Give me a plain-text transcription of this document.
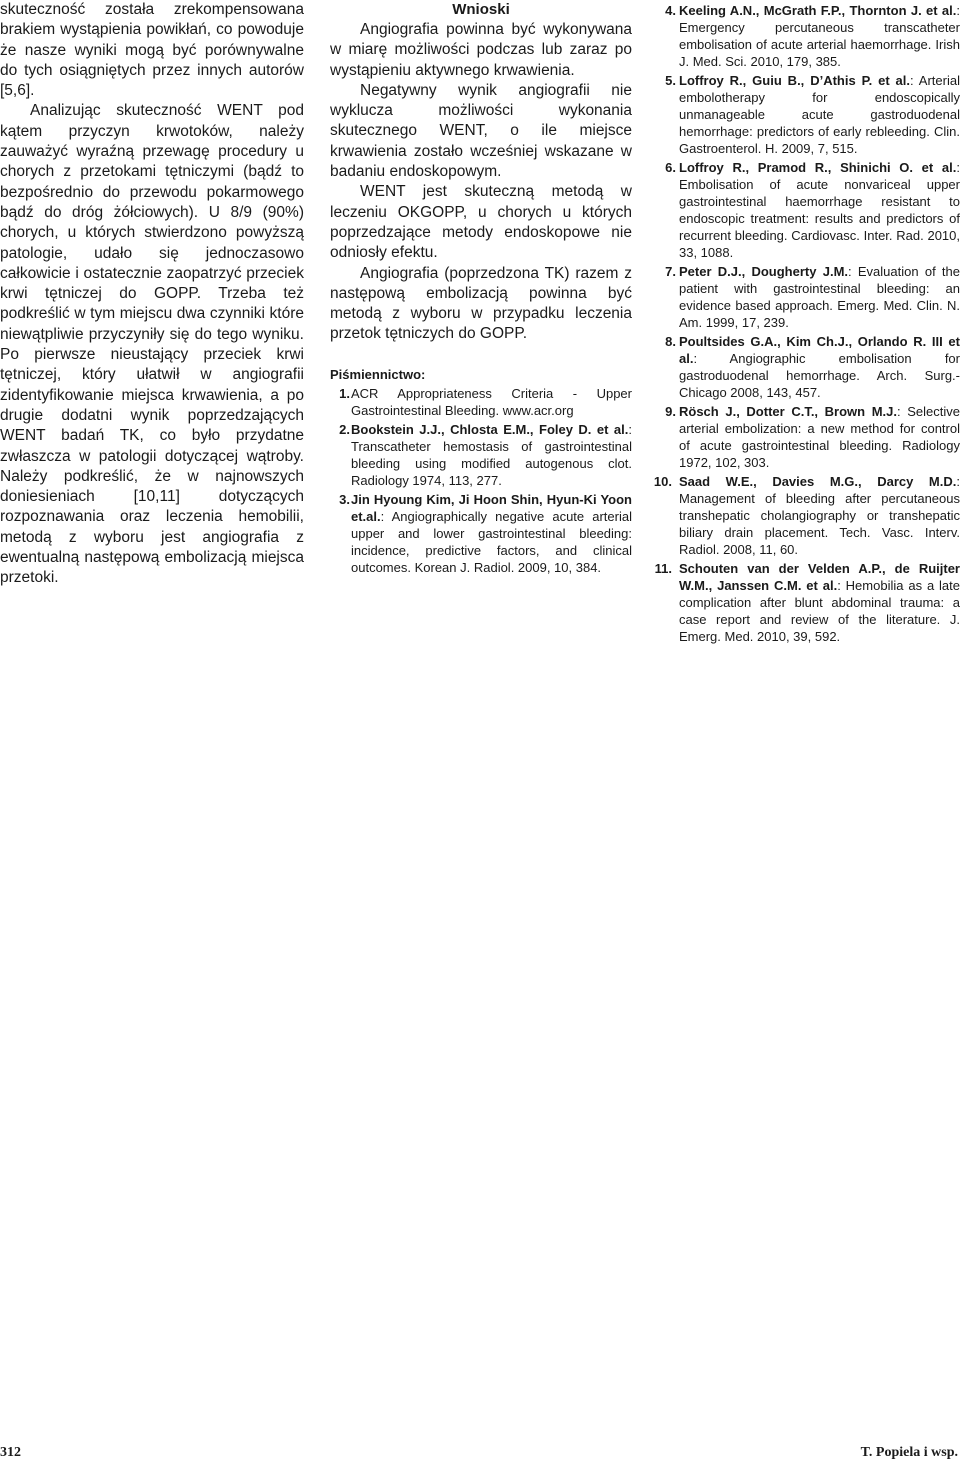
skuteczność została zrekompensowana brakiem wystąpienia powikłań, co powoduje że nasze wyniki mogą być porównywalne do tych osiągniętych przez innych autorów [5,6].

Analizując skuteczność WENT pod kątem przyczyn krwotoków, należy zauważyć wyraźną przewagę procedury u chorych z przetokami tętniczymi (bądź to bezpośrednio do przewodu pokarmowego bądź do dróg żółciowych). U 8/9 (90%) chorych, u których stwierdzono powyższą patologie, udało się jednoczasowo całkowicie i ostatecznie zaopatrzyć przeciek krwi tętniczej do GOPP. Trzeba też podkreślić w tym miejscu dwa czynniki które niewątpliwie przyczyniły się do tego wyniku. Po pierwsze nieustający przeciek krwi tętniczej, który ułatwił w angiografii zidentyfikowanie miejsca krwawienia, a po drugie dodatni wynik poprzedzających WENT badań TK, co było przydatne zwłaszcza w patologii dotyczącej wątroby. Należy podkreślić, że w najnowszych doniesieniach [10,11] dotyczących rozpoznawania oraz leczenia hemobilii, metodą z wyboru jest angiografia z ewentualną następową embolizacją miejsca przetoki.

Wnioski

Angiografia powinna być wykonywana w miarę możliwości podczas lub zaraz po wystąpieniu aktywnego krwawienia.

Negatywny wynik angiografii nie wyklucza możliwości wykonania skutecznego WENT, o ile miejsce krwawienia zostało wcześniej wskazane w badaniu endoskopowym.

WENT jest skuteczną metodą w leczeniu OKGOPP, u chorych u których poprzedzające metody endoskopowe nie odniosły efektu.

Angiografia (poprzedzona TK) razem z następową embolizacją powinna być metodą z wyboru w przypadku leczenia przetok tętniczych do GOPP.

Piśmiennictwo:
1. ACR Appropriateness Criteria - Upper Gastrointestinal Bleeding. www.acr.org
2. Bookstein J.J., Chlosta E.M., Foley D. et al.: Transcatheter hemostasis of gastrointestinal bleeding using modified autogenous clot. Radiology 1974, 113, 277.
3. Jin Hyoung Kim, Ji Hoon Shin, Hyun-Ki Yoon et.al.: Angiographically negative acute arterial upper and lower gastrointestinal bleeding: incidence, predictive factors, and clinical outcomes. Korean J. Radiol. 2009, 10, 384.
4. Keeling A.N., McGrath F.P., Thornton J. et al.: Emergency percutaneous transcatheter embolisation of acute arterial haemorrhage. Irish J. Med. Sci. 2010, 179, 385.
5. Loffroy R., Guiu B., D’Athis P. et al.: Arterial embolotherapy for endoscopically unmanageable acute gastroduodenal hemorrhage: predictors of early rebleeding. Clin. Gastroenterol. H. 2009, 7, 515.
6. Loffroy R., Pramod R., Shinichi O. et al.: Embolisation of acute nonvariceal upper gastrointestinal haemorrhage resistant to endoscopic treatment: results and predictors of recurrent bleeding. Cardiovasc. Inter. Rad. 2010, 33, 1088.
7. Peter D.J., Dougherty J.M.: Evaluation of the patient with gastrointestinal bleeding: an evidence based approach. Emerg. Med. Clin. N. Am. 1999, 17, 239.
8. Poultsides G.A., Kim Ch.J., Orlando R. III et al.: Angiographic embolisation for gastroduodenal hemorrhage. Arch. Surg.-Chicago 2008, 143, 457.
9. Rösch J., Dotter C.T., Brown M.J.: Selective arterial embolization: a new method for control of acute gastrointestinal bleeding. Radiology 1972, 102, 303.
10. Saad W.E., Davies M.G., Darcy M.D.: Management of bleeding after percutaneous transhepatic cholangiography or transhepatic biliary drain placement. Tech. Vasc. Interv. Radiol. 2008, 11, 60.
11. Schouten van der Velden A.P., de Ruijter W.M., Janssen C.M. et al.: Hemobilia as a late complication after blunt abdominal trauma: a case report and review of the literature. J. Emerg. Med. 2010, 39, 592.
312	T. Popiela i wsp.
